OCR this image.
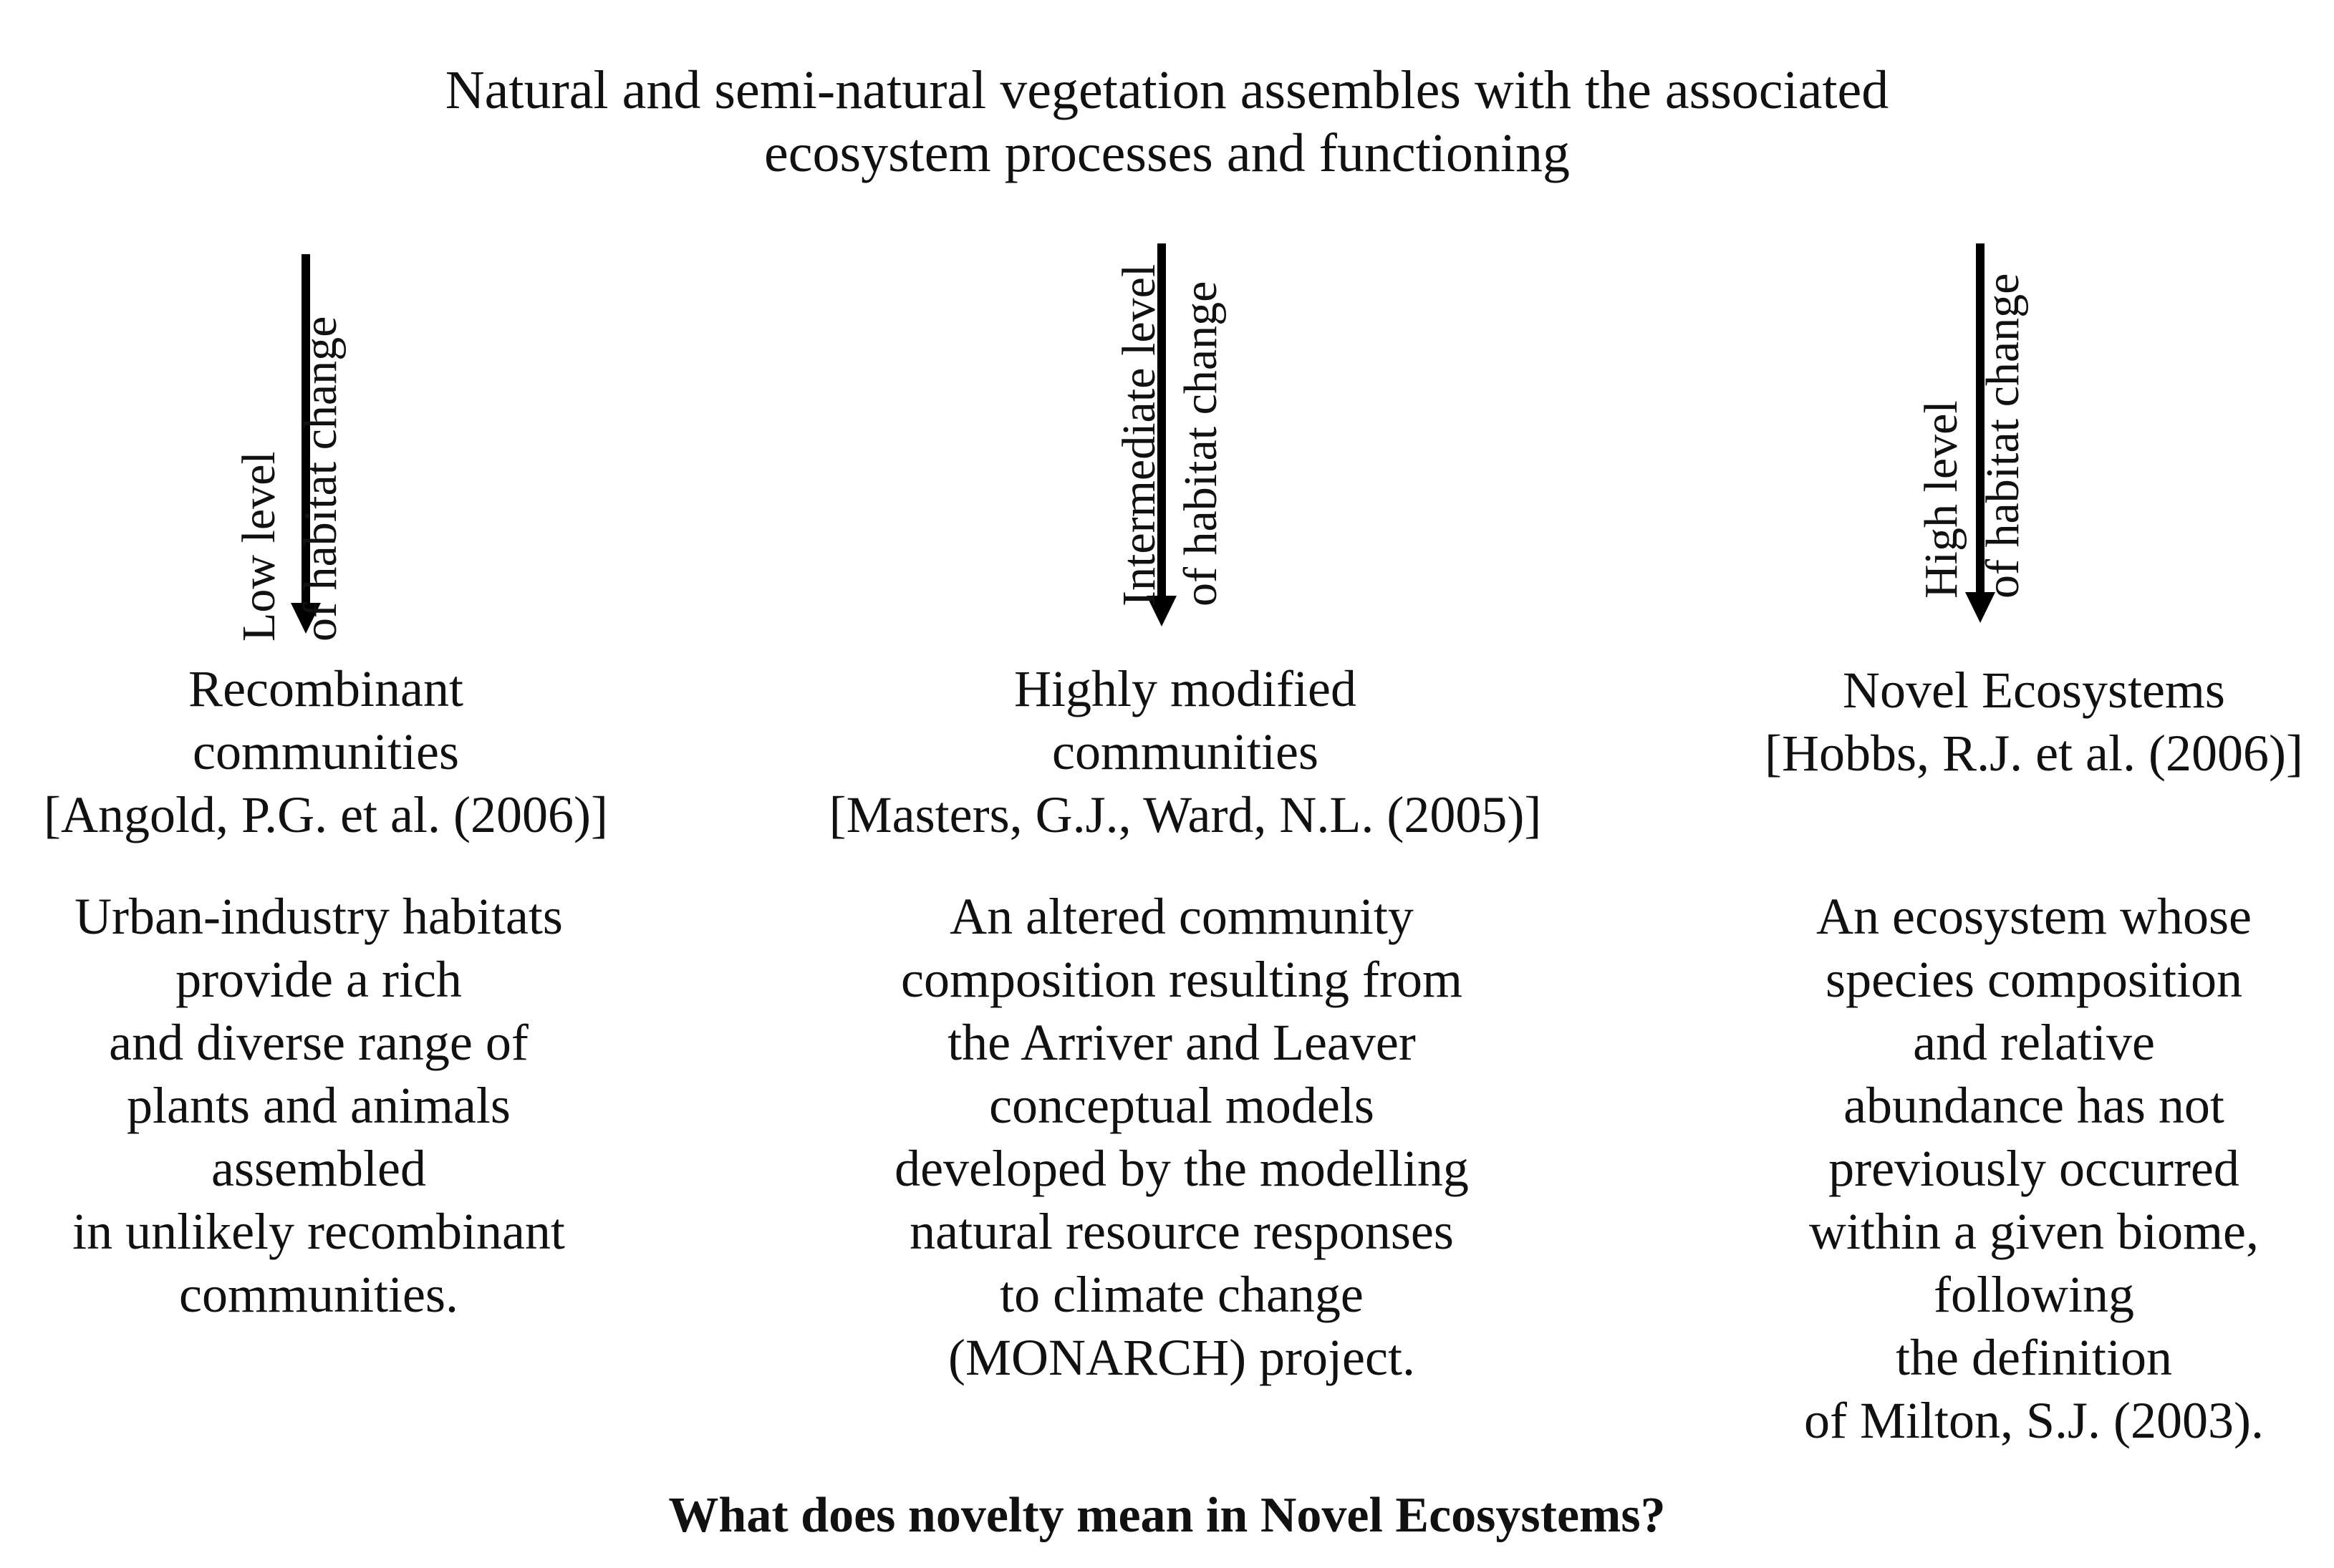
Natural and semi-natural vegetation assembles with the associated
ecosystem processes and functioning
Low level of habitat change	Intermediate level of habitat change	High level of habitat change
Recombinant
communities
[Angold, P.G. et al. (2006)]
Urban-industry habitats
provide a rich
and diverse range of
plants and animals
assembled
in unlikely recombinant
communities.
Highly modified
communities
[Masters, G.J., Ward, N.L. (2005)]
An altered community
composition resulting from
the Arriver and Leaver
conceptual models
developed by the modelling
natural resource responses
to climate change
(MONARCH) project.
Novel Ecosystems
[Hobbs, R.J. et al. (2006)]
An ecosystem whose
species composition
and relative
abundance has not
previously occurred
within a given biome,
following
the definition
of Milton, S.J. (2003).
What does novelty mean in Novel Ecosystems?
